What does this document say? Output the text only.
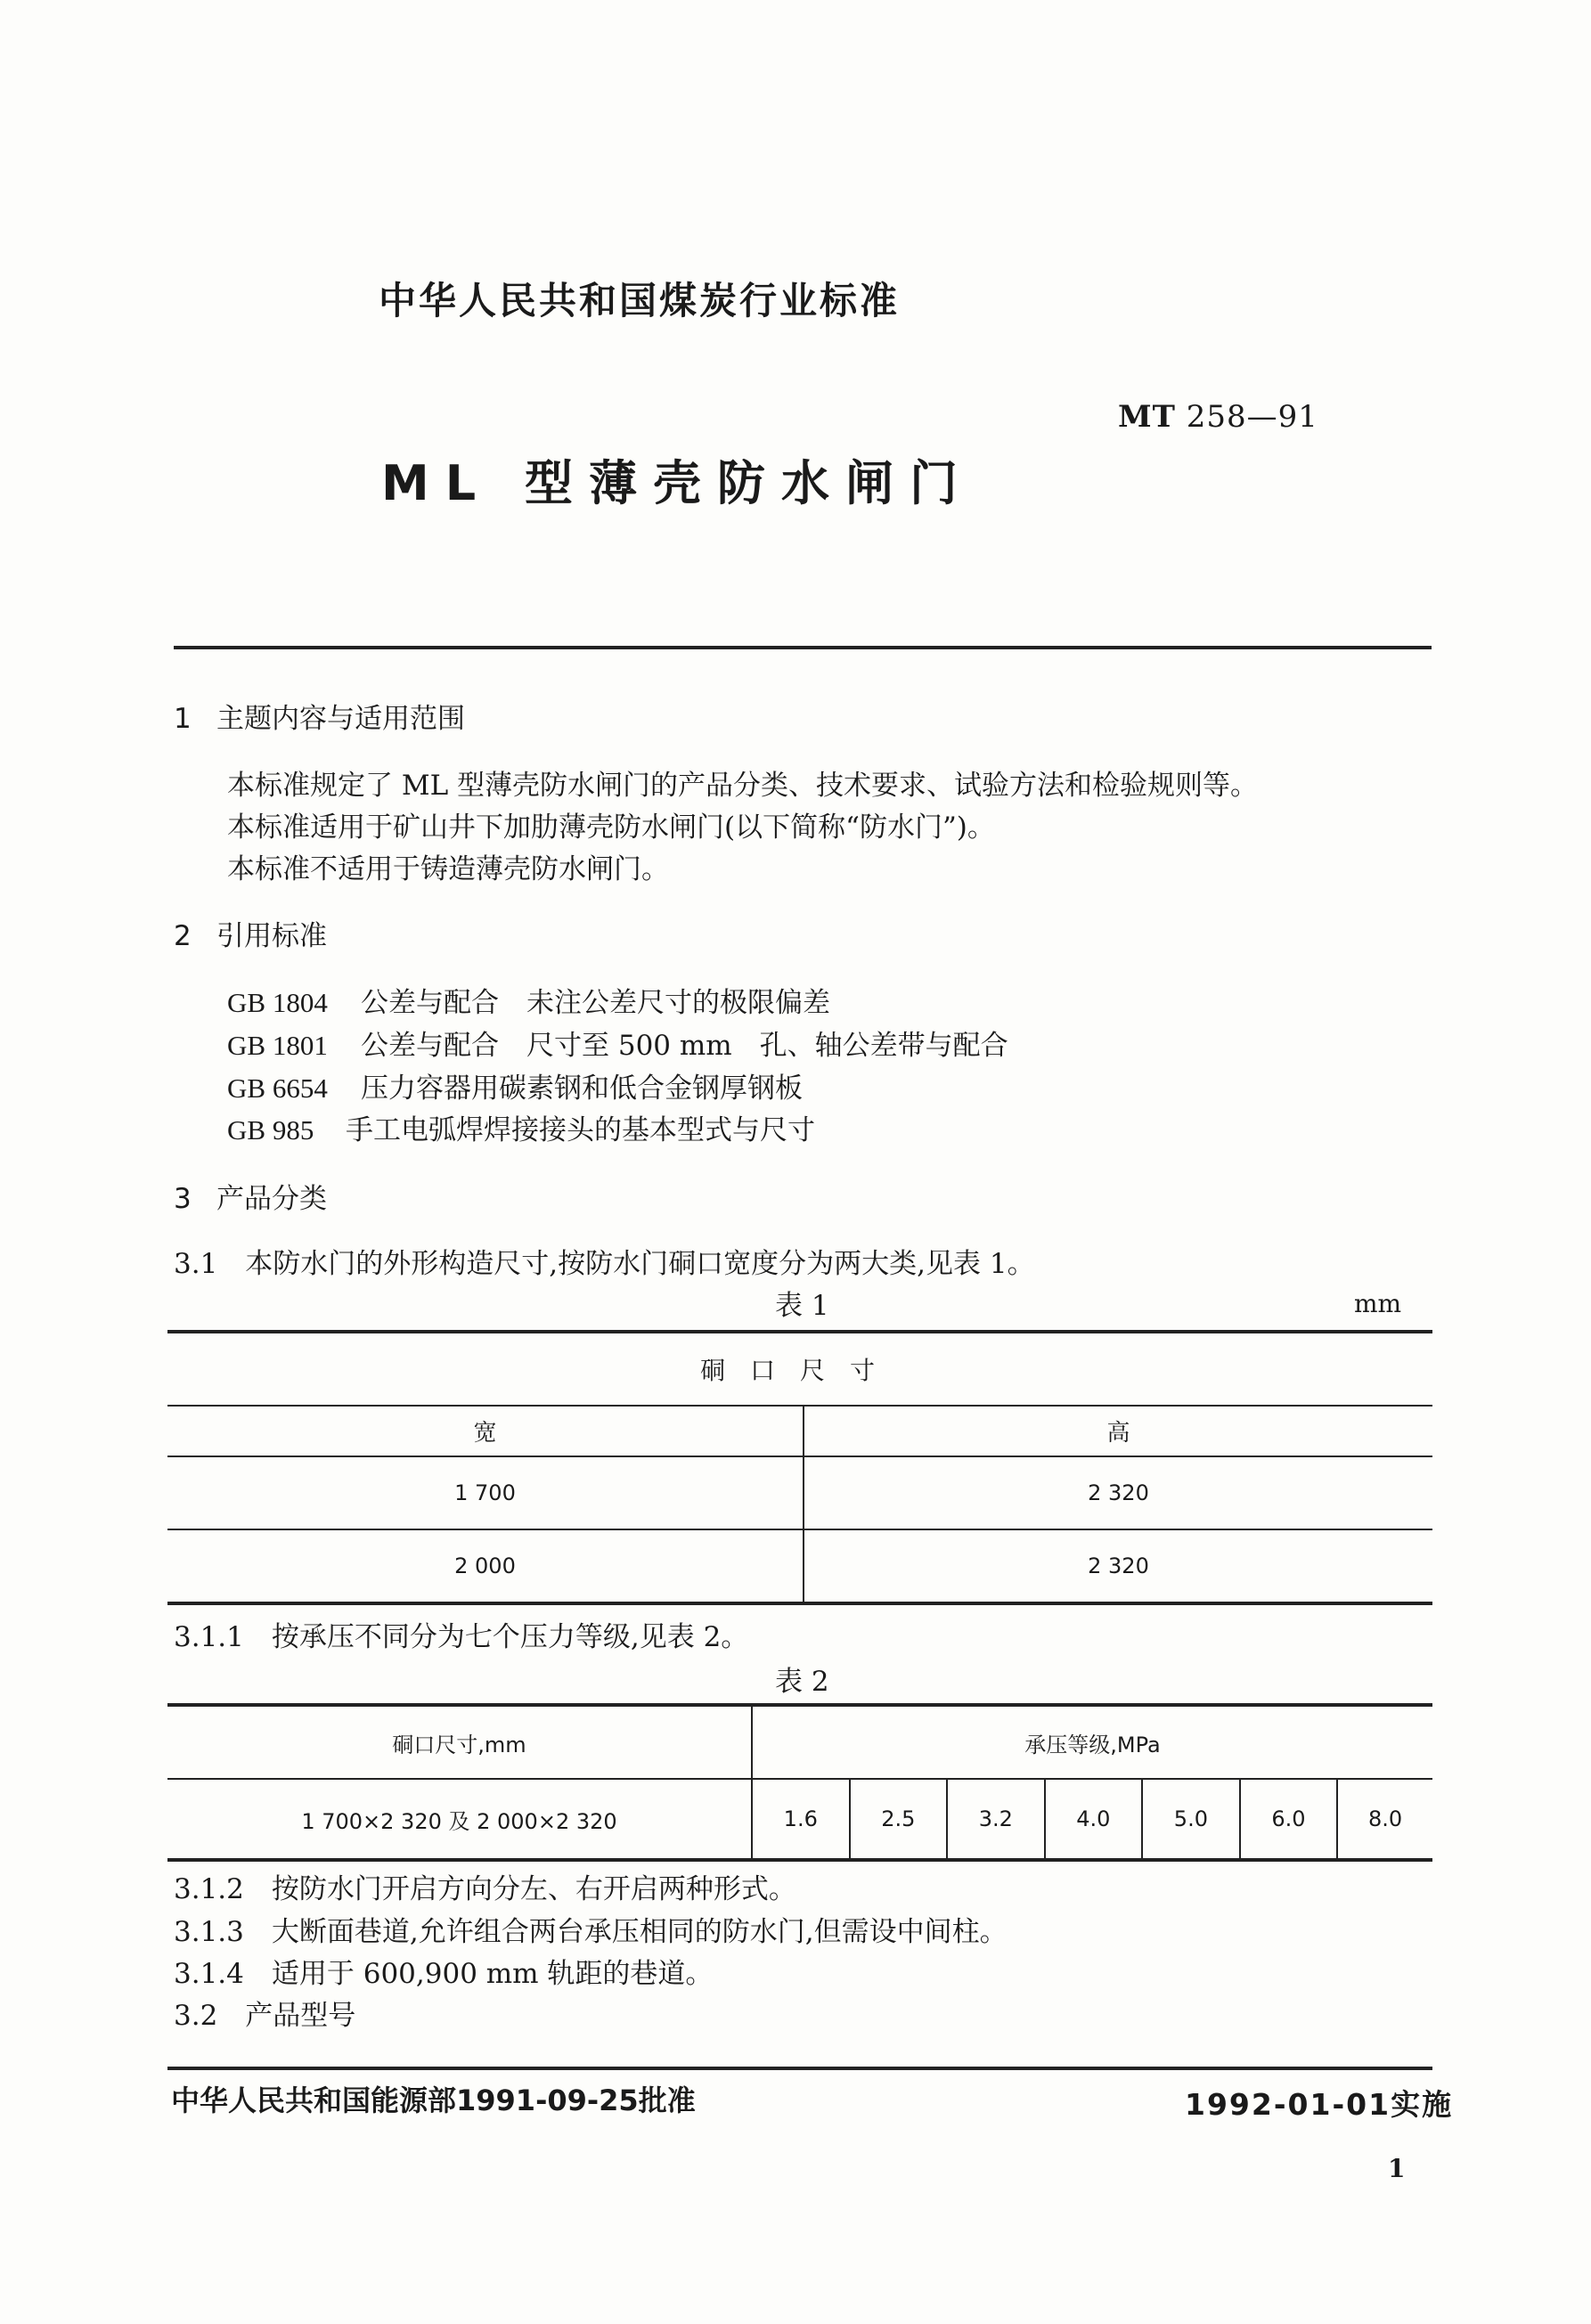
中华人民共和国煤炭行业标准
MT 258—91
ML 型薄壳防水闸门
1 主题内容与适用范围
本标准规定了 ML 型薄壳防水闸门的产品分类、技术要求、试验方法和检验规则等。
本标准适用于矿山井下加肋薄壳防水闸门(以下简称“防水门”)。
本标准不适用于铸造薄壳防水闸门。
2 引用标准
GB 1804 公差与配合　未注公差尺寸的极限偏差
GB 1801 公差与配合　尺寸至 500 mm　孔、轴公差带与配合
GB 6654 压力容器用碳素钢和低合金钢厚钢板
GB 985 手工电弧焊焊接接头的基本型式与尺寸
3 产品分类
3.1　本防水门的外形构造尺寸,按防水门硐口宽度分为两大类,见表 1。
表 1	mm
硐口尺寸	
宽	高
1 700	2 320
2 000	2 320
3.1.1　按承压不同分为七个压力等级,见表 2。
表 2
硐口尺寸,mm	承压等级,MPa						
1 700×2 320 及 2 000×2 320	1.6	2.5	3.2	4.0	5.0	6.0	8.0
3.1.2　按防水门开启方向分左、右开启两种形式。
3.1.3　大断面巷道,允许组合两台承压相同的防水门,但需设中间柱。
3.1.4　适用于 600,900 mm 轨距的巷道。
3.2　产品型号
中华人民共和国能源部1991-09-25批准	1992-01-01实施
1
